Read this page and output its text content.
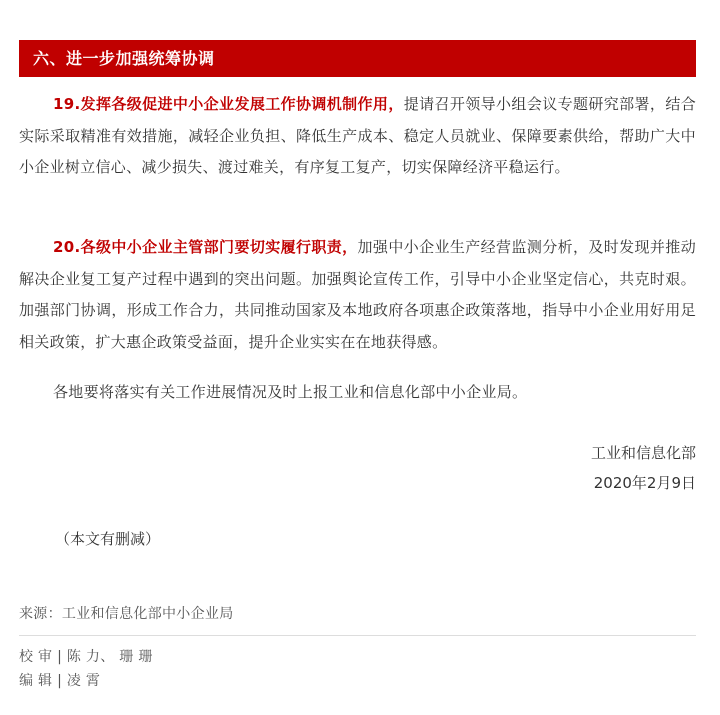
六、进一步加强统筹协调
19.发挥各级促进中小企业发展工作协调机制作用，提请召开领导小组会议专题研究部署，结合实际采取精准有效措施，减轻企业负担、降低生产成本、稳定人员就业、保障要素供给，帮助广大中小企业树立信心、减少损失、渡过难关，有序复工复产，切实保障经济平稳运行。
20.各级中小企业主管部门要切实履行职责，加强中小企业生产经营监测分析，及时发现并推动解决企业复工复产过程中遇到的突出问题。加强舆论宣传工作，引导中小企业坚定信心，共克时艰。加强部门协调，形成工作合力，共同推动国家及本地政府各项惠企政策落地，指导中小企业用好用足相关政策，扩大惠企政策受益面，提升企业实实在在地获得感。
各地要将落实有关工作进展情况及时上报工业和信息化部中小企业局。
工业和信息化部
2020年2月9日
（本文有删减）
来源：工业和信息化部中小企业局
校 审 | 陈 力、 珊 珊
编 辑 | 凌 霄
